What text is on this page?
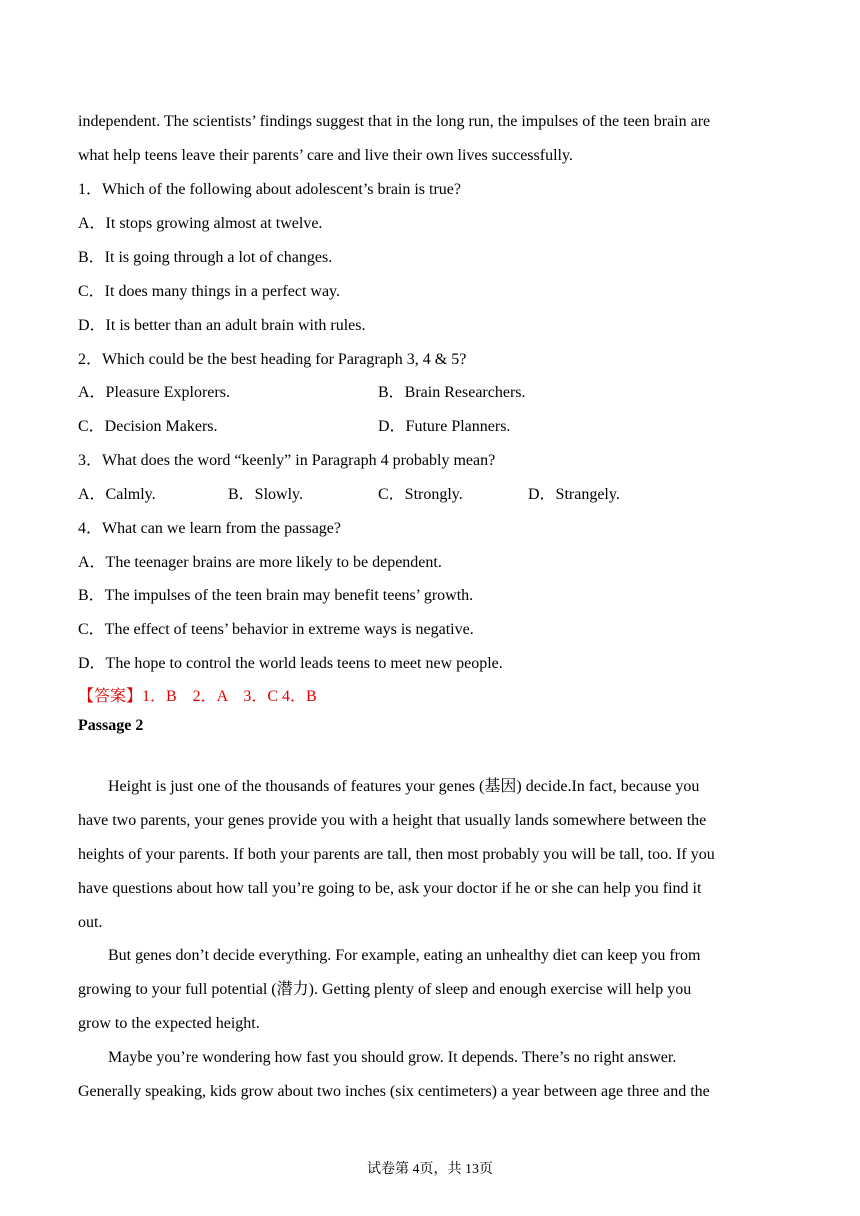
independent. The scientists’ findings suggest that in the long run, the impulses of the teen brain are
what help teens leave their parents’ care and live their own lives successfully.
1．Which of the following about adolescent’s brain is true?
A．It stops growing almost at twelve.
B．It is going through a lot of changes.
C．It does many things in a perfect way.
D．It is better than an adult brain with rules.
2．Which could be the best heading for Paragraph 3, 4 & 5?
A．Pleasure Explorers.	B．Brain Researchers.
C．Decision Makers.	D．Future Planners.
3．What does the word “keenly” in Paragraph 4 probably mean?
A．Calmly.	B．Slowly.	C．Strongly.	D．Strangely.
4．What can we learn from the passage?
A．The teenager brains are more likely to be dependent.
B．The impulses of the teen brain may benefit teens’ growth.
C．The effect of teens’ behavior in extreme ways is negative.
D．The hope to control the world leads teens to meet new people.
【答案】1．B　2．A　3．C 4．B
Passage 2
Height is just one of the thousands of features your genes (基因) decide.In fact, because you
have two parents, your genes provide you with a height that usually lands somewhere between the
heights of your parents. If both your parents are tall, then most probably you will be tall, too. If you
have questions about how tall you’re going to be, ask your doctor if he or she can help you find it
out.
But genes don’t decide everything. For example, eating an unhealthy diet can keep you from
growing to your full potential (潜力). Getting plenty of sleep and enough exercise will help you
grow to the expected height.
Maybe you’re wondering how fast you should grow. It depends. There’s no right answer.
Generally speaking, kids grow about two inches (six centimeters) a year between age three and the
试卷第 4页，共 13页
